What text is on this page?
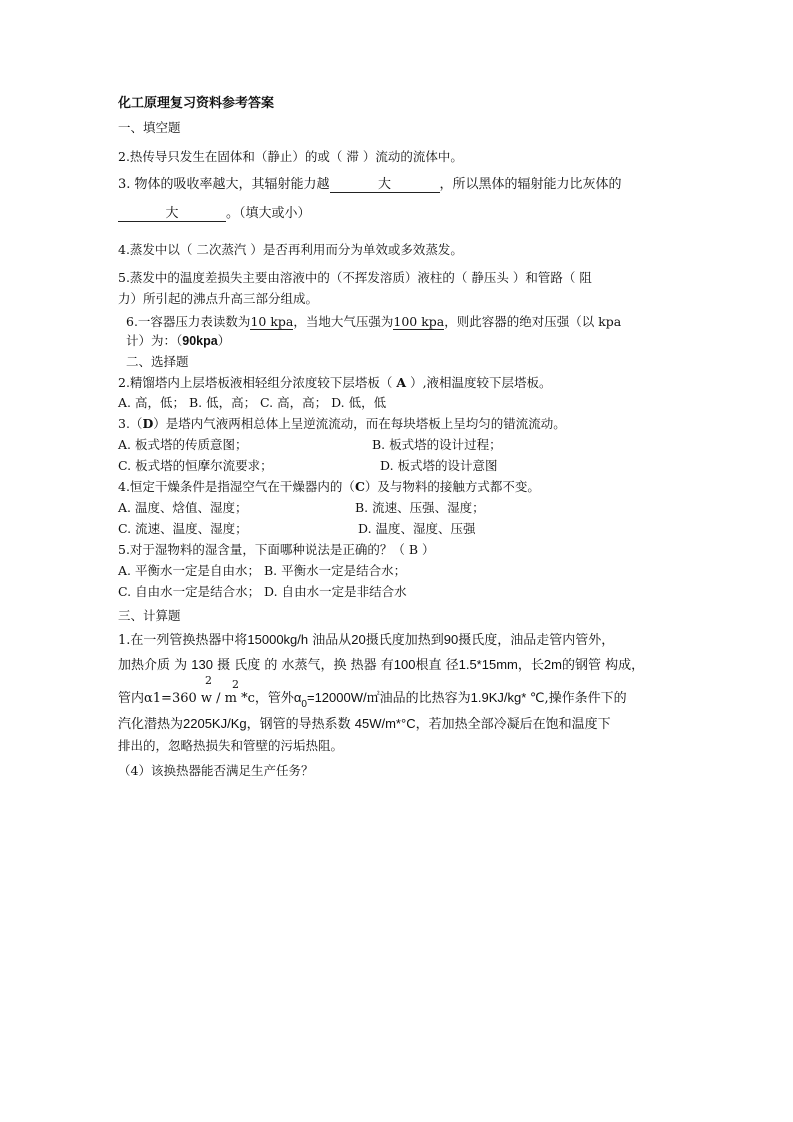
化工原理复习资料参考答案
一、填空题
2.热传导只发生在固体和（静止）的或（ 滞 ）流动的流体中。
3. 物体的吸收率越大，其辐射能力越	大	，所以黑体的辐射能力比灰体的
大	。（填大或小）
4.蒸发中以（ 二次蒸汽 ）是否再利用而分为单效或多效蒸发。
5.蒸发中的温度差损失主要由溶液中的（不挥发溶质）液柱的（ 静压头 ）和管路（ 阻
力）所引起的沸点升高三部分组成。
6.一容器压力表读数为10 kpa，当地大气压强为100 kpa，则此容器的绝对压强（以 kpa
计）为：（90kpa）
二、选择题
2.精馏塔内上层塔板液相轻组分浓度较下层塔板（ A ）,液相温度较下层塔板。
A. 高，低； B. 低，高； C. 高，高； D. 低，低
3.（D）是塔内气液两相总体上呈逆流流动，而在每块塔板上呈均匀的错流流动。
A. 板式塔的传质意图；	B. 板式塔的设计过程；
C. 板式塔的恒摩尔流要求；	D. 板式塔的设计意图
4.恒定干燥条件是指湿空气在干燥器内的（C）及与物料的接触方式都不变。
A. 温度、焓值、湿度；	B. 流速、压强、湿度；
C. 流速、温度、湿度；	D. 温度、湿度、压强
5.对于湿物料的湿含量，下面哪种说法是正确的？（ B ）
A. 平衡水一定是自由水； B. 平衡水一定是结合水；
C. 自由水一定是结合水； D. 自由水一定是非结合水
三、计算题
1.在一列管换热器中将15000kg/h 油品从20摄氏度加热到90摄氏度，油品走管内管外，
加热介质 为 130 摄 氏度 的 水蒸气，换 热器 有100根直 径1.5*15mm，长2m的钢管 构成，
2 2
管内α1=360 w / m *c，管外$\alpha_0=12000W/㎡$油品的比热容为1.9KJ/kg* ℃,操作条件下的
汽化潜热为2205KJ/Kg，钢管的导热系数 45W/m*°C，若加热全部冷凝后在饱和温度下
排出的，忽略热损失和管壁的污垢热阻。
（4）该换热器能否满足生产任务？
